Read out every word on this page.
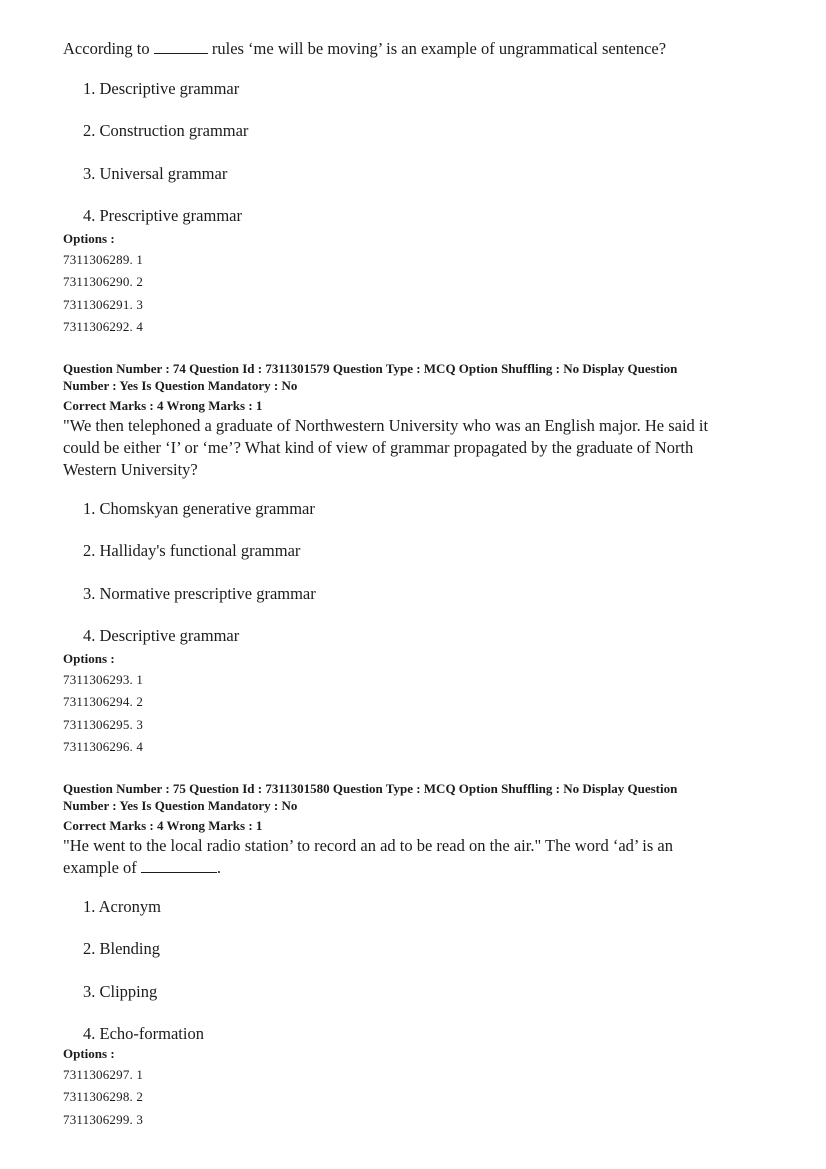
According to	rules ‘me will be moving’ is an example of ungrammatical sentence?
1. Descriptive grammar
2. Construction grammar
3. Universal grammar
4. Prescriptive grammar
Options :
7311306289. 1
7311306290. 2
7311306291. 3
7311306292. 4
Question Number : 74 Question Id : 7311301579 Question Type : MCQ Option Shuffling : No Display Question
Number : Yes Is Question Mandatory : No
Correct Marks : 4 Wrong Marks : 1
"We then telephoned a graduate of Northwestern University who was an English major. He said it
could be either ‘I’ or ‘me’? What kind of view of grammar propagated by the graduate of North
Western University?
1. Chomskyan generative grammar
2. Halliday's functional grammar
3. Normative prescriptive grammar
4. Descriptive grammar
Options :
7311306293. 1
7311306294. 2
7311306295. 3
7311306296. 4
Question Number : 75 Question Id : 7311301580 Question Type : MCQ Option Shuffling : No Display Question
Number : Yes Is Question Mandatory : No
Correct Marks : 4 Wrong Marks : 1
"He went to the local radio station’ to record an ad to be read on the air." The word ‘ad’ is an
example of	.
1. Acronym
2. Blending
3. Clipping
4. Echo-formation
Options :
7311306297. 1
7311306298. 2
7311306299. 3
